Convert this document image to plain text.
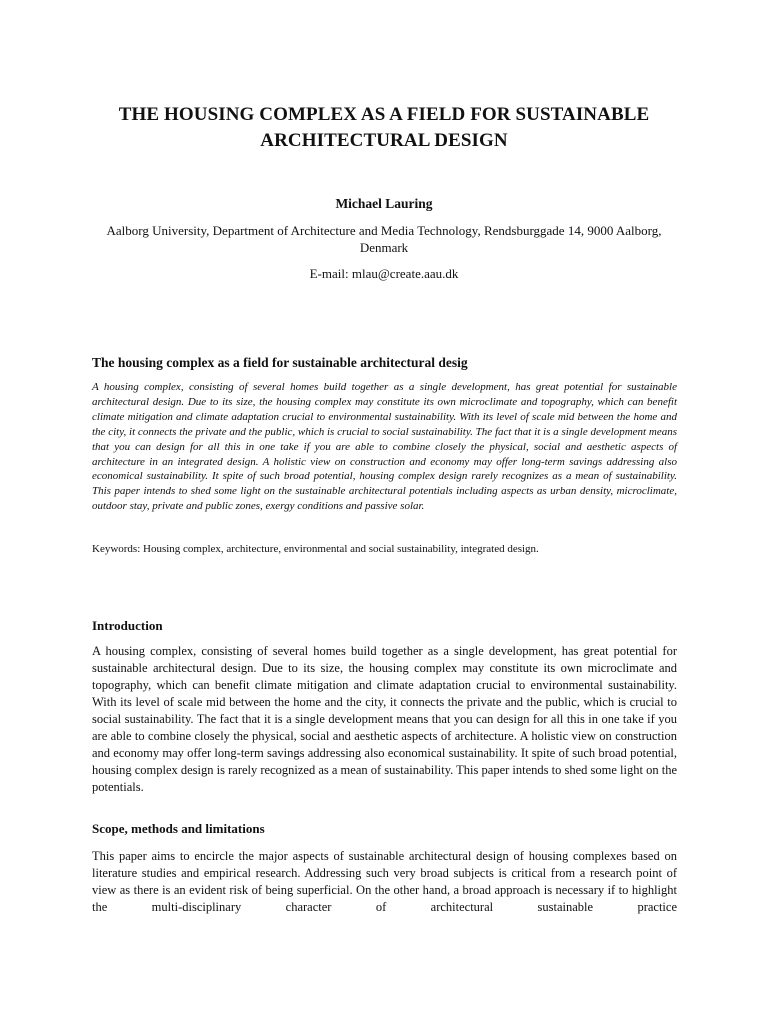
THE HOUSING COMPLEX AS A FIELD FOR SUSTAINABLE ARCHITECTURAL DESIGN
Michael Lauring
Aalborg University, Department of Architecture and Media Technology, Rendsburggade 14, 9000 Aalborg, Denmark
E-mail: mlau@create.aau.dk
The housing complex as a field for sustainable architectural desig
A housing complex, consisting of several homes build together as a single development, has great potential for sustainable architectural design. Due to its size, the housing complex may constitute its own microclimate and topography, which can benefit climate mitigation and climate adaptation crucial to environmental sustainability. With its level of scale mid between the home and the city, it connects the private and the public, which is crucial to social sustainability. The fact that it is a single development means that you can design for all this in one take if you are able to combine closely the physical, social and aesthetic aspects of architecture in an integrated design. A holistic view on construction and economy may offer long-term savings addressing also economical sustainability. It spite of such broad potential, housing complex design rarely recognizes as a mean of sustainability. This paper intends to shed some light on the sustainable architectural potentials including aspects as urban density, microclimate, outdoor stay, private and public zones, exergy conditions and passive solar.
Keywords: Housing complex, architecture, environmental and social sustainability, integrated design.
Introduction
A housing complex, consisting of several homes build together as a single development, has great potential for sustainable architectural design. Due to its size, the housing complex may constitute its own microclimate and topography, which can benefit climate mitigation and climate adaptation crucial to environmental sustainability. With its level of scale mid between the home and the city, it connects the private and the public, which is crucial to social sustainability. The fact that it is a single development means that you can design for all this in one take if you are able to combine closely the physical, social and aesthetic aspects of architecture. A holistic view on construction and economy may offer long-term savings addressing also economical sustainability. It spite of such broad potential, housing complex design is rarely recognized as a mean of sustainability. This paper intends to shed some light on the potentials.
Scope, methods and limitations
This paper aims to encircle the major aspects of sustainable architectural design of housing complexes based on literature studies and empirical research. Addressing such very broad subjects is critical from a research point of view as there is an evident risk of being superficial. On the other hand, a broad approach is necessary if to highlight the multi-disciplinary character of architectural sustainable practice
